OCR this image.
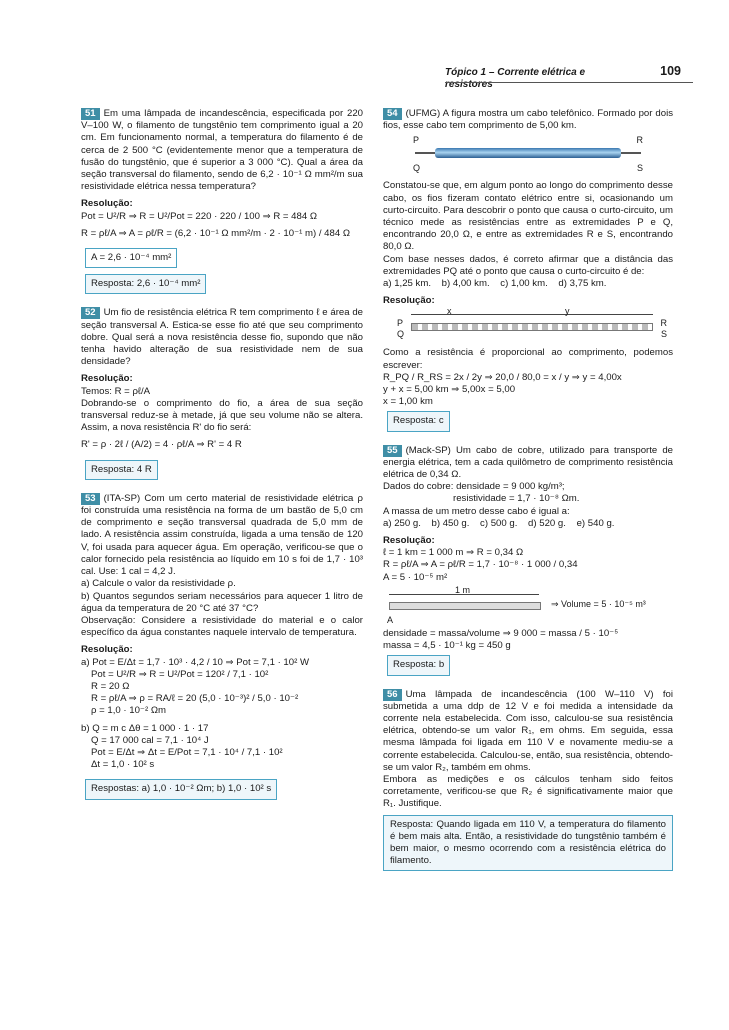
Tópico 1 – Corrente elétrica e resistores
109

51 Em uma lâmpada de incandescência, especificada por 220 V–100 W, o filamento de tungstênio tem comprimento igual a 20 cm. Em funcionamento normal, a temperatura do filamento é de cerca de 2 500 °C (evidentemente menor que a temperatura de fusão do tungstênio, que é superior a 3 000 °C). Qual a área da seção transversal do filamento, sendo de 6,2 · 10⁻¹ Ω mm²/m sua resistividade elétrica nessa temperatura?

Resolução:

Pot = U²/R ⇒ R = U²/Pot = 220 · 220 / 100 ⇒ R = 484 Ω

R = ρℓ/A ⇒ A = ρℓ/R = (6,2 · 10⁻¹ Ω mm²/m · 2 · 10⁻¹ m) / 484 Ω

A = 2,6 · 10⁻⁴ mm²
Resposta: 2,6 · 10⁻⁴ mm²

52 Um fio de resistência elétrica R tem comprimento ℓ e área de seção transversal A. Estica-se esse fio até que seu comprimento dobre. Qual será a nova resistência desse fio, supondo que não tenha havido alteração de sua resistividade nem de sua densidade?

Resolução:

Temos: R = ρℓ/A

Dobrando-se o comprimento do fio, a área de sua seção transversal reduz-se à metade, já que seu volume não se altera. Assim, a nova resistência R' do fio será:

R' = ρ · 2ℓ / (A/2) = 4 · ρℓ/A ⇒ R' = 4 R

Resposta: 4 R

53 (ITA-SP) Com um certo material de resistividade elétrica ρ foi construída uma resistência na forma de um bastão de 5,0 cm de comprimento e seção transversal quadrada de 5,0 mm de lado. A resistência assim construída, ligada a uma tensão de 120 V, foi usada para aquecer água. Em operação, verificou-se que o calor fornecido pela resistência ao líquido em 10 s foi de 1,7 · 10³ cal. Use: 1 cal = 4,2 J.

a) Calcule o valor da resistividade ρ.

b) Quantos segundos seriam necessários para aquecer 1 litro de água da temperatura de 20 °C até 37 °C?

Observação: Considere a resistividade do material e o calor específico da água constantes naquele intervalo de temperatura.

Resolução:

a) Pot = E/Δt = 1,7 · 10³ · 4,2 / 10 ⇒ Pot = 7,1 · 10² W

Pot = U²/R ⇒ R = U²/Pot = 120² / 7,1 · 10²

R = 20 Ω

R = ρℓ/A ⇒ ρ = RA/ℓ = 20 (5,0 · 10⁻³)² / 5,0 · 10⁻²

ρ = 1,0 · 10⁻² Ωm

b) Q = m c Δθ = 1 000 · 1 · 17

Q = 17 000 cal = 7,1 · 10⁴ J

Pot = E/Δt ⇒ Δt = E/Pot = 7,1 · 10⁴ / 7,1 · 10²

Δt = 1,0 · 10² s

Respostas: a) 1,0 · 10⁻² Ωm; b) 1,0 · 10² s

54 (UFMG) A figura mostra um cabo telefônico. Formado por dois fios, esse cabo tem comprimento de 5,00 km.

P	R
Q	S

Constatou-se que, em algum ponto ao longo do comprimento desse cabo, os fios fizeram contato elétrico entre si, ocasionando um curto-circuito. Para descobrir o ponto que causa o curto-circuito, um técnico mede as resistências entre as extremidades P e Q, encontrando 20,0 Ω, e entre as extremidades R e S, encontrando 80,0 Ω.

Com base nesses dados, é correto afirmar que a distância das extremidades PQ até o ponto que causa o curto-circuito é de:

a) 1,25 km.    b) 4,00 km.    c) 1,00 km.    d) 3,75 km.

Resolução:

x	y
P
Q
R
S

Como a resistência é proporcional ao comprimento, podemos escrever:

R_PQ / R_RS = 2x / 2y ⇒ 20,0 / 80,0 = x / y ⇒ y = 4,00x

y + x = 5,00 km ⇒ 5,00x = 5,00

x = 1,00 km

Resposta: c

55 (Mack-SP) Um cabo de cobre, utilizado para transporte de energia elétrica, tem a cada quilômetro de comprimento resistência elétrica de 0,34 Ω.

Dados do cobre: densidade = 9 000 kg/m³;

resistividade = 1,7 · 10⁻⁸ Ωm.

A massa de um metro desse cabo é igual a:

a) 250 g.    b) 450 g.    c) 500 g.    d) 520 g.    e) 540 g.

Resolução:

ℓ = 1 km = 1 000 m ⇒ R = 0,34 Ω

R = ρℓ/A ⇒ A = ρℓ/R = 1,7 · 10⁻⁸ · 1 000 / 0,34

A = 5 · 10⁻⁵ m²

1 m
A
⇒ Volume = 5 · 10⁻⁵ m³

densidade = massa/volume ⇒ 9 000 = massa / 5 · 10⁻⁵

massa = 4,5 · 10⁻¹ kg = 450 g

Resposta: b

56 Uma lâmpada de incandescência (100 W–110 V) foi submetida a uma ddp de 12 V e foi medida a intensidade da corrente nela estabelecida. Com isso, calculou-se sua resistência elétrica, obtendo-se um valor R₁, em ohms. Em seguida, essa mesma lâmpada foi ligada em 110 V e novamente mediu-se a corrente estabelecida. Calculou-se, então, sua resistência, obtendo-se um valor R₂, também em ohms.

Embora as medições e os cálculos tenham sido feitos corretamente, verificou-se que R₂ é significativamente maior que R₁. Justifique.

Resposta: Quando ligada em 110 V, a temperatura do filamento é bem mais alta. Então, a resistividade do tungstênio também é bem maior, o mesmo ocorrendo com a resistência elétrica do filamento.
